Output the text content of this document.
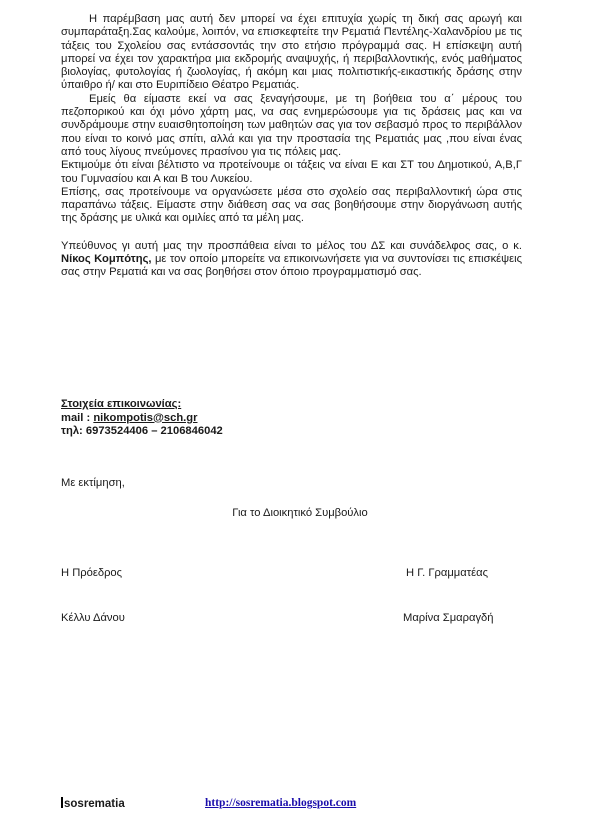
Η παρέμβαση μας αυτή δεν μπορεί να έχει επιτυχία χωρίς τη δική σας αρωγή και συμπαράταξη.Σας καλούμε, λοιπόν, να επισκεφτείτε την Ρεματιά Πεντέλης-Χαλανδρίου με τις τάξεις του Σχολείου σας εντάσσοντάς την στο ετήσιο πρόγραμμά σας. Η επίσκεψη αυτή μπορεί να έχει τον χαρακτήρα μια εκδρομής αναψυχής, ή περιβαλλοντικής, ενός μαθήματος βιολογίας, φυτολογίας ή ζωολογίας, ή ακόμη και μιας πολιτιστικής-εικαστικής δράσης στην ύπαιθρο ή/ και στο Ευριπίδειο Θέατρο Ρεματιάς.

Εμείς θα είμαστε εκεί να σας ξεναγήσουμε, με τη βοήθεια του α΄ μέρους του πεζοπορικού και όχι μόνο χάρτη μας, να σας ενημερώσουμε για τις δράσεις μας και να συνδράμουμε στην ευαισθητοποίηση των μαθητών σας για τον σεβασμό προς το περιβάλλον που είναι το κοινό μας σπίτι, αλλά και για την προστασία της Ρεματιάς μας ,που είναι ένας από τους λίγους πνεύμονες πρασίνου για τις πόλεις μας.

Εκτιμούμε ότι είναι βέλτιστο να προτείνουμε οι τάξεις να είναι Ε και ΣΤ του Δημοτικού, Α,Β,Γ του Γυμνασίου και Α και Β του Λυκείου.

Επίσης, σας προτείνουμε να οργανώσετε μέσα στο σχολείο σας περιβαλλοντική ώρα στις παραπάνω τάξεις. Είμαστε στην διάθεση σας να σας βοηθήσουμε στην διοργάνωση αυτής της δράσης με υλικά και ομιλίες από τα μέλη μας.

Υπεύθυνος γι αυτή μας την προσπάθεια είναι το μέλος του ΔΣ και συνάδελφος σας, ο κ. Νίκος Κομπότης, με τον οποίο μπορείτε να επικοινωνήσετε για να συντονίσει τις επισκέψεις σας στην Ρεματιά και να σας βοηθήσει στον όποιο προγραμματισμό σας.

Στοιχεία επικοινωνίας:
mail : nikompotis@sch.gr
τηλ: 6973524406 – 2106846042
Με εκτίμηση,
Για το Διοικητικό Συμβούλιο
Η Πρόεδρος	Η Γ. Γραμματέας
Κέλλυ Δάνου	Μαρίνα Σμαραγδή
sosrematia	http://sosrematia.blogspot.com
